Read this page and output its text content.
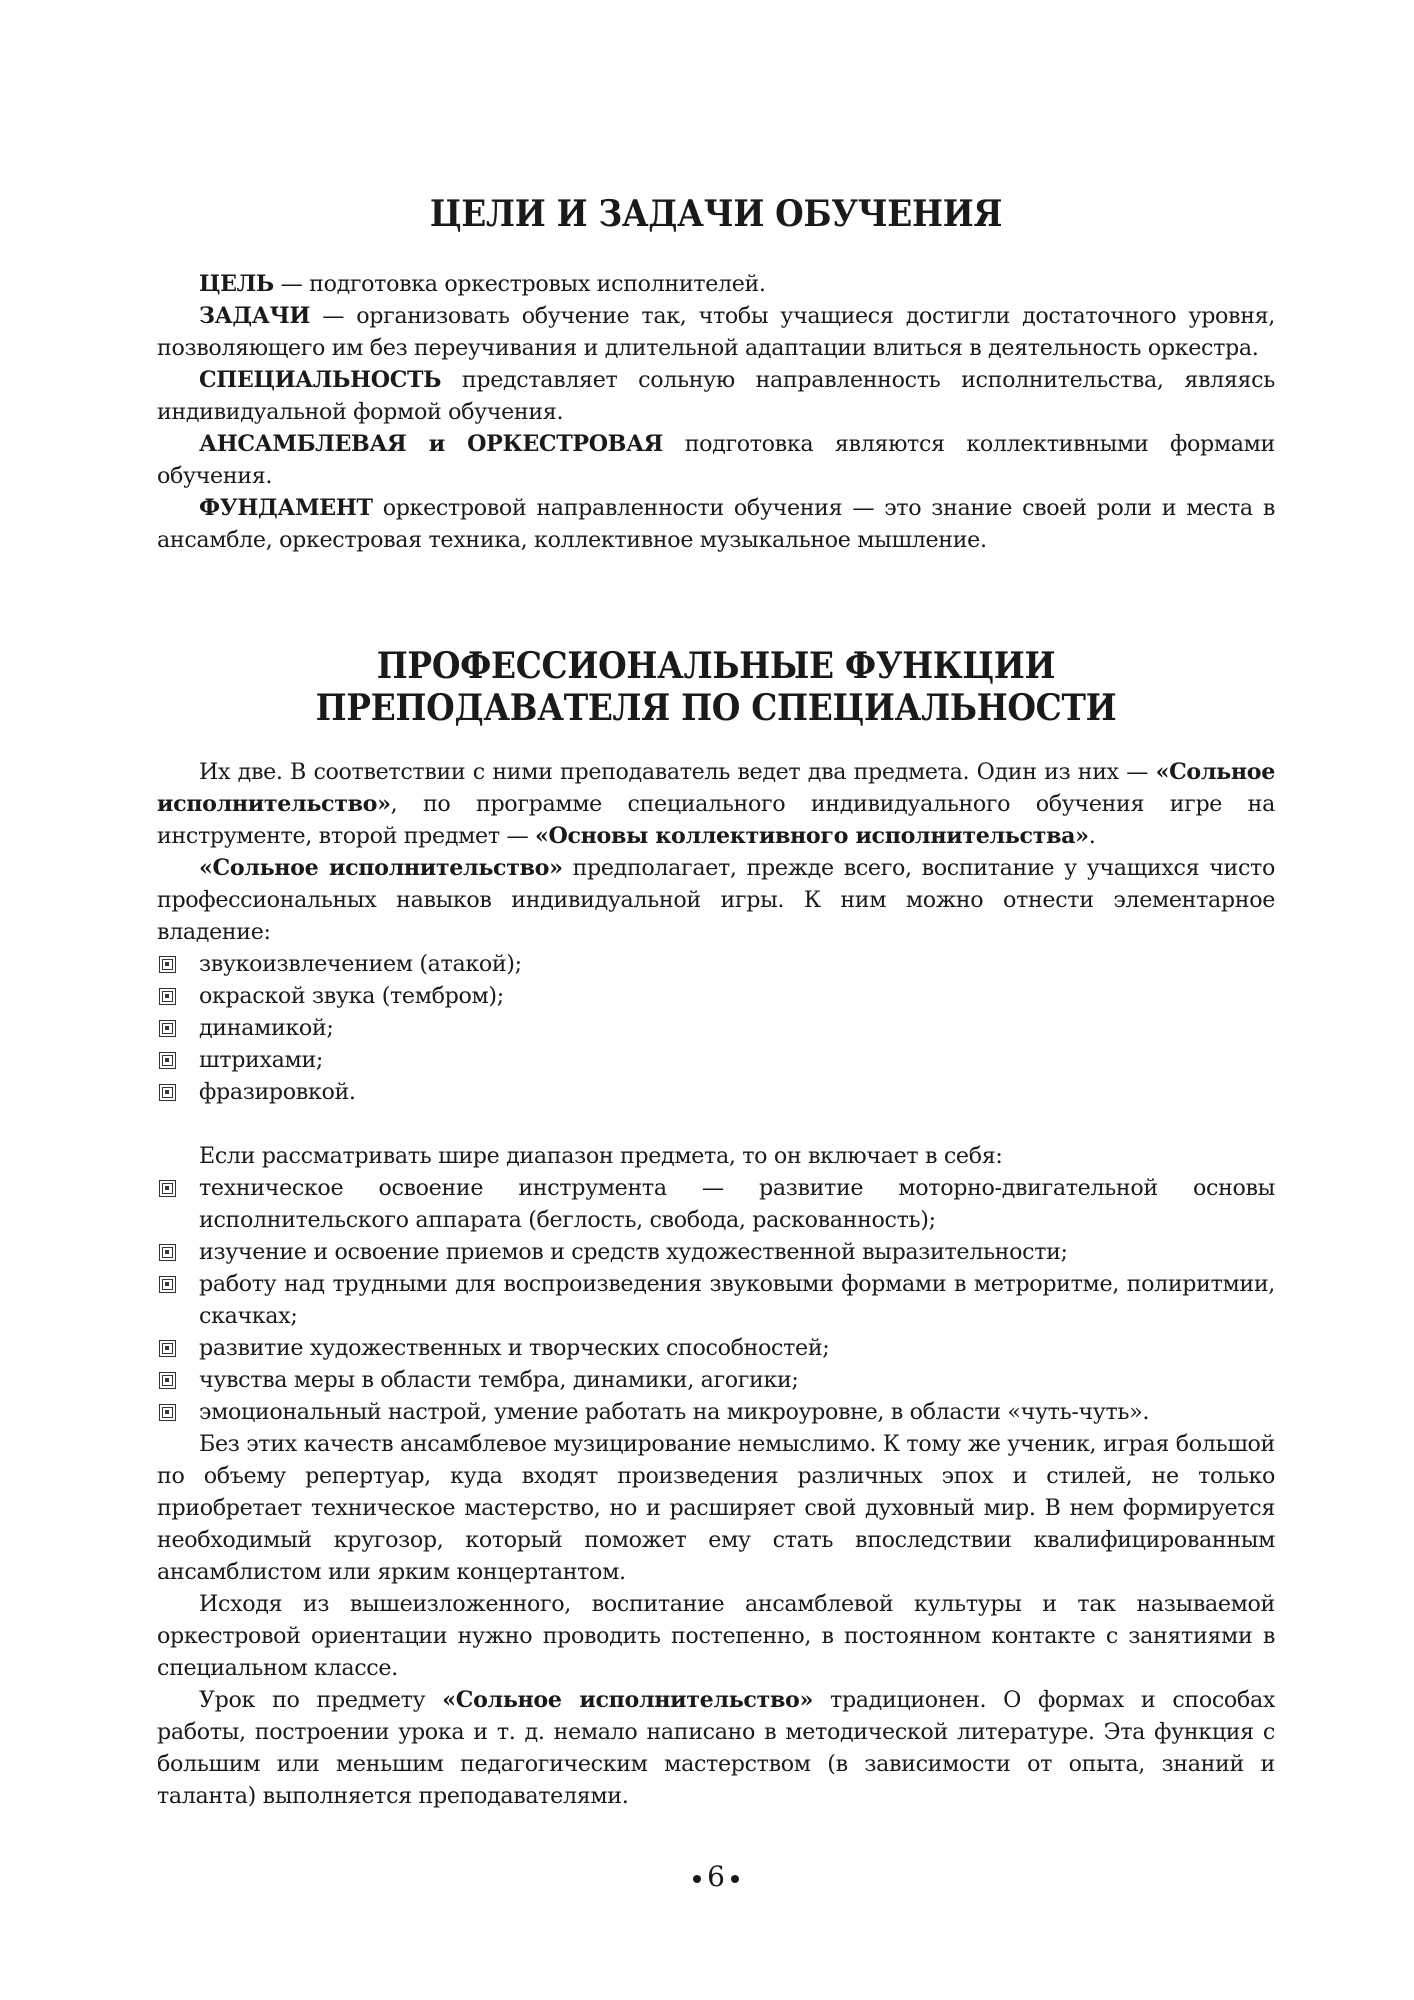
ЦЕЛИ И ЗАДАЧИ ОБУЧЕНИЯ

ЦЕЛЬ — подготовка оркестровых исполнителей.

ЗАДАЧИ — организовать обучение так, чтобы учащиеся достигли достаточного уровня, позволяющего им без переучивания и длительной адаптации влиться в деятельность оркестра.

СПЕЦИАЛЬНОСТЬ представляет сольную направленность исполнительства, являясь индивидуальной формой обучения.

АНСАМБЛЕВАЯ и ОРКЕСТРОВАЯ подготовка являются коллективными формами обучения.

ФУНДАМЕНТ оркестровой направленности обучения — это знание своей роли и места в ансамбле, оркестровая техника, коллективное музыкальное мышление.

ПРОФЕССИОНАЛЬНЫЕ ФУНКЦИИ
ПРЕПОДАВАТЕЛЯ ПО СПЕЦИАЛЬНОСТИ

Их две. В соответствии с ними преподаватель ведет два предмета. Один из них — «Сольное исполнительство», по программе специального индивидуального обучения игре на инструменте, второй предмет — «Основы коллективного исполнительства».

«Сольное исполнительство» предполагает, прежде всего, воспитание у учащихся чисто профессиональных навыков индивидуальной игры. К ним можно отнести элементарное владение:

звукоизвлечением (атакой);
окраской звука (тембром);
динамикой;
штрихами;
фразировкой.

Если рассматривать шире диапазон предмета, то он включает в себя:

техническое освоение инструмента — развитие моторно-двигательной основы исполнительского аппарата (беглость, свобода, раскованность);
изучение и освоение приемов и средств художественной выразительности;
работу над трудными для воспроизведения звуковыми формами в метроритме, полиритмии, скачках;
развитие художественных и творческих способностей;
чувства меры в области тембра, динамики, агогики;
эмоциональный настрой, умение работать на микроуровне, в области «чуть-чуть».

Без этих качеств ансамблевое музицирование немыслимо. К тому же ученик, играя большой по объему репертуар, куда входят произведения различных эпох и стилей, не только приобретает техническое мастерство, но и расширяет свой духовный мир. В нем формируется необходимый кругозор, который поможет ему стать впоследствии квалифицированным ансамблистом или ярким концертантом.

Исходя из вышеизложенного, воспитание ансамблевой культуры и так называемой оркестровой ориентации нужно проводить постепенно, в постоянном контакте с занятиями в специальном классе.

Урок по предмету «Сольное исполнительство» традиционен. О формах и способах работы, построении урока и т. д. немало написано в методической литературе. Эта функция с большим или меньшим педагогическим мастерством (в зависимости от опыта, знаний и таланта) выполняется преподавателями.

6
